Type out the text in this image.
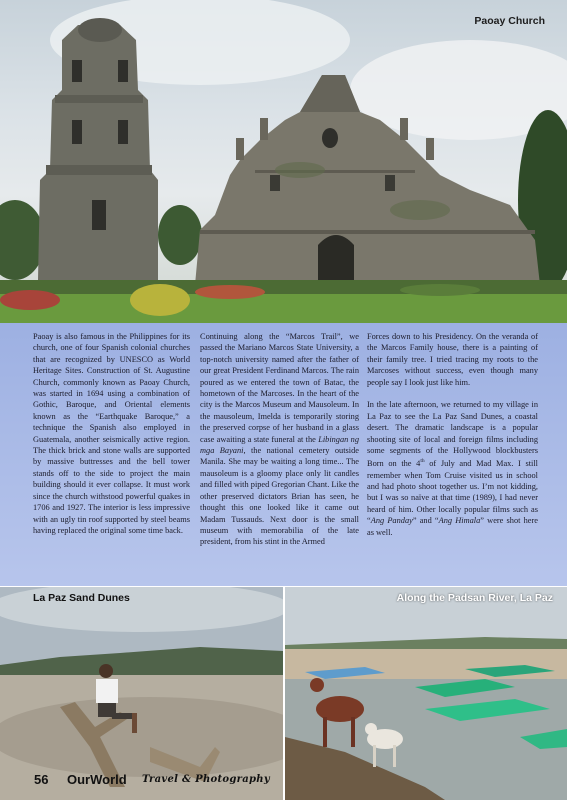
Paoay Church

Paoay is also famous in the Philippines for its church, one of four Spanish colonial churches that are recognized by UNESCO as World Heritage Sites. Construction of St. Augustine Church, commonly known as Paoay Church, was started in 1694 using a combination of Gothic, Baroque, and Oriental elements known as the “Earthquake Baroque,” a technique the Spanish also employed in Guatemala, another seismically active region. The thick brick and stone walls are supported by massive buttresses and the bell tower stands off to the side to project the main building should it ever collapse. It must work since the church withstood powerful quakes in 1706 and 1927. The interior is less impressive with an ugly tin roof supported by steel beams having replaced the original some time back.

Continuing along the “Marcos Trail”, we passed the Mariano Marcos State University, a top-notch university named after the father of our great President Ferdinand Marcos. The rain poured as we entered the town of Batac, the hometown of the Marcoses. In the heart of the city is the Marcos Museum and Mausoleum. In the mausoleum, Imelda is temporarily storing the preserved corpse of her husband in a glass case awaiting a state funeral at the Libingan ng mga Bayani, the national cemetery outside Manila. She may be waiting a long time... The mausoleum is a gloomy place only lit candles and filled with piped Gregorian Chant. Like the other preserved dictators Brian has seen, he thought this one looked like it came out Madam Tussauds. Next door is the small museum with memorabilia of the late president, from his stint in the Armed

Forces down to his Presidency. On the veranda of the Marcos Family house, there is a painting of their family tree. I tried tracing my roots to the Marcoses without success, even though many people say I look just like him.

In the late afternoon, we returned to my village in La Paz to see the La Paz Sand Dunes, a coastal desert. The dramatic landscape is a popular shooting site of local and foreign films including some segments of the Hollywood blockbusters Born on the 4th of July and Mad Max. I still remember when Tom Cruise visited us in school and had photo shoot together us. I’m not kidding, but I was so naïve at that time (1989), I had never heard of him. Other locally popular films such as “Ang Panday” and “Ang Himala” were shot here as well.

La Paz Sand Dunes	Along the Padsan River, La Paz
56 OurWorld Travel & Photography
